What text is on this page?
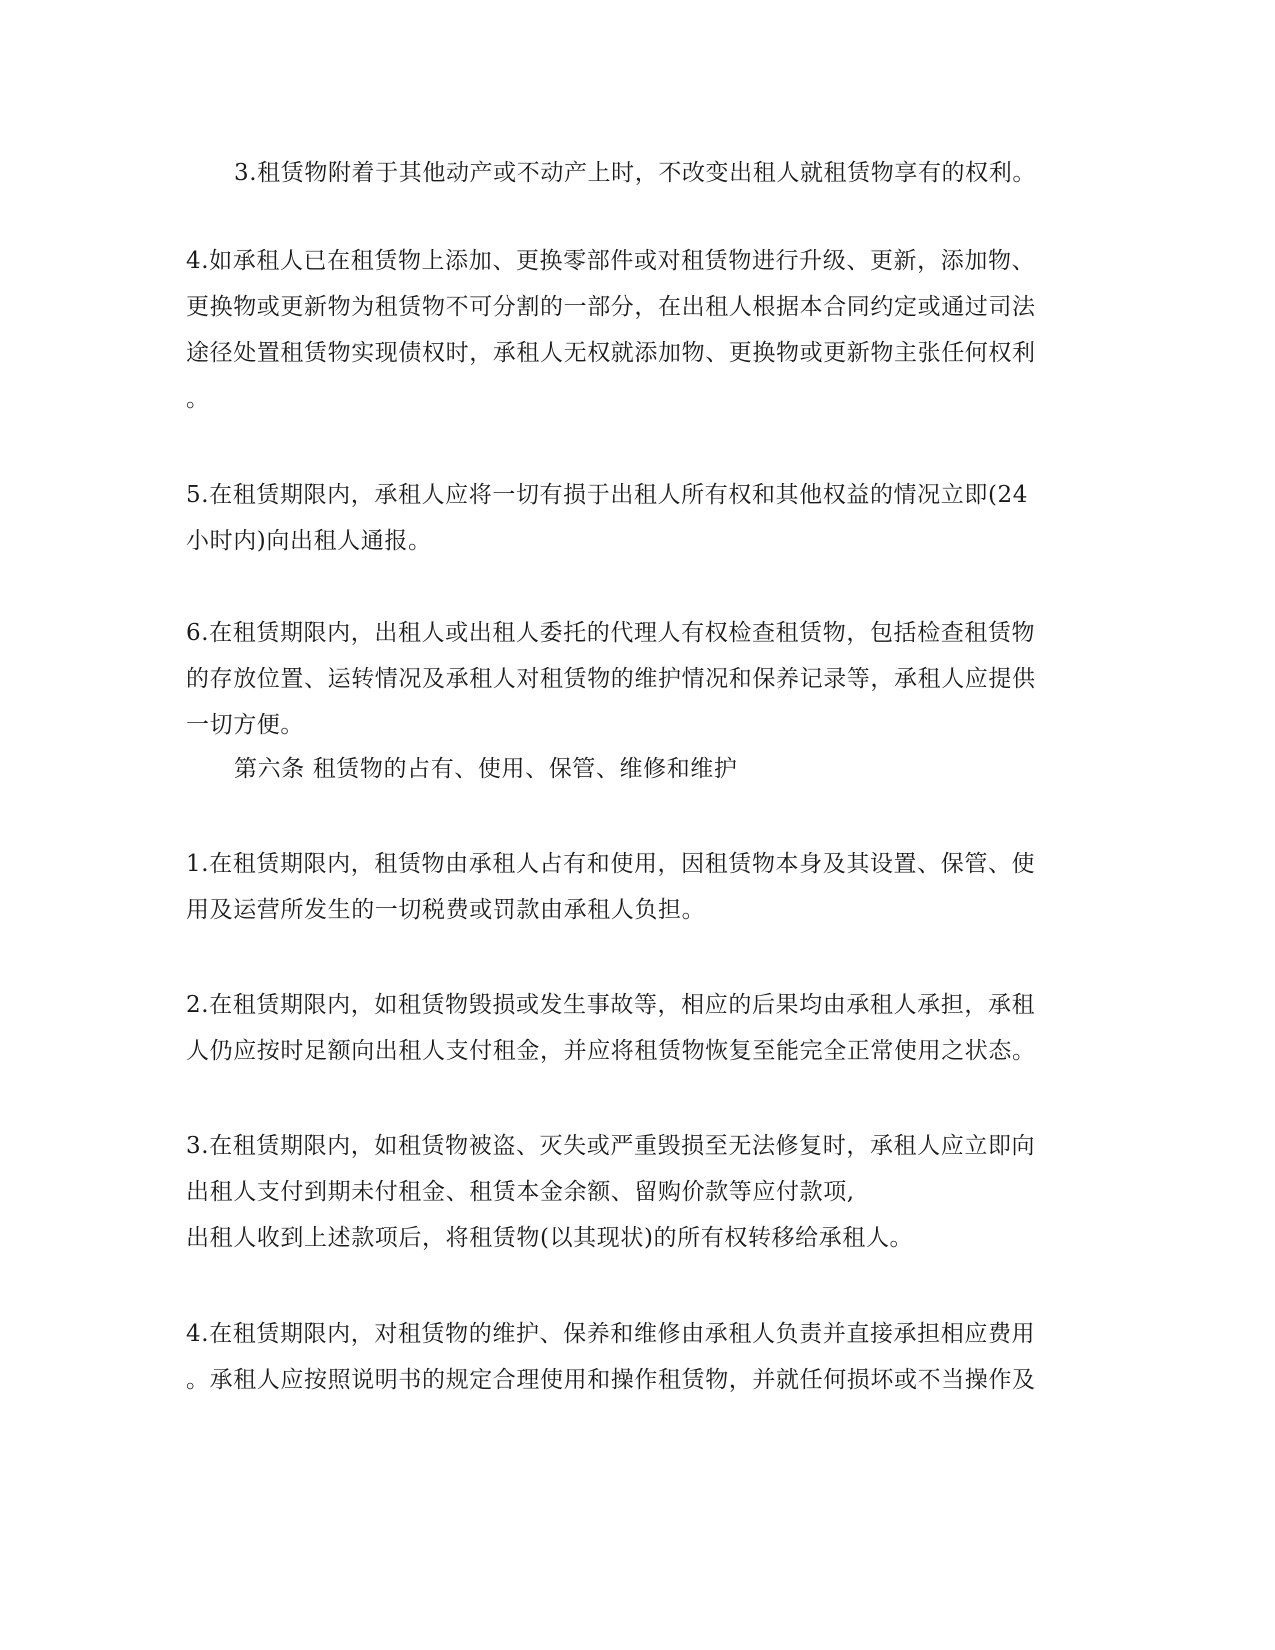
3.租赁物附着于其他动产或不动产上时，不改变出租人就租赁物享有的权利。

4.如承租人已在租赁物上添加、更换零部件或对租赁物进行升级、更新，添加物、

更换物或更新物为租赁物不可分割的一部分，在出租人根据本合同约定或通过司法

途径处置租赁物实现债权时，承租人无权就添加物、更换物或更新物主张任何权利

。

5.在租赁期限内，承租人应将一切有损于出租人所有权和其他权益的情况立即(24

小时内)向出租人通报。

6.在租赁期限内，出租人或出租人委托的代理人有权检查租赁物，包括检查租赁物

的存放位置、运转情况及承租人对租赁物的维护情况和保养记录等，承租人应提供

一切方便。

第六条 租赁物的占有、使用、保管、维修和维护

1.在租赁期限内，租赁物由承租人占有和使用，因租赁物本身及其设置、保管、使

用及运营所发生的一切税费或罚款由承租人负担。

2.在租赁期限内，如租赁物毁损或发生事故等，相应的后果均由承租人承担，承租

人仍应按时足额向出租人支付租金，并应将租赁物恢复至能完全正常使用之状态。

3.在租赁期限内，如租赁物被盗、灭失或严重毁损至无法修复时，承租人应立即向

出租人支付到期未付租金、租赁本金余额、留购价款等应付款项,

出租人收到上述款项后，将租赁物(以其现状)的所有权转移给承租人。

4.在租赁期限内，对租赁物的维护、保养和维修由承租人负责并直接承担相应费用

。承租人应按照说明书的规定合理使用和操作租赁物，并就任何损坏或不当操作及
